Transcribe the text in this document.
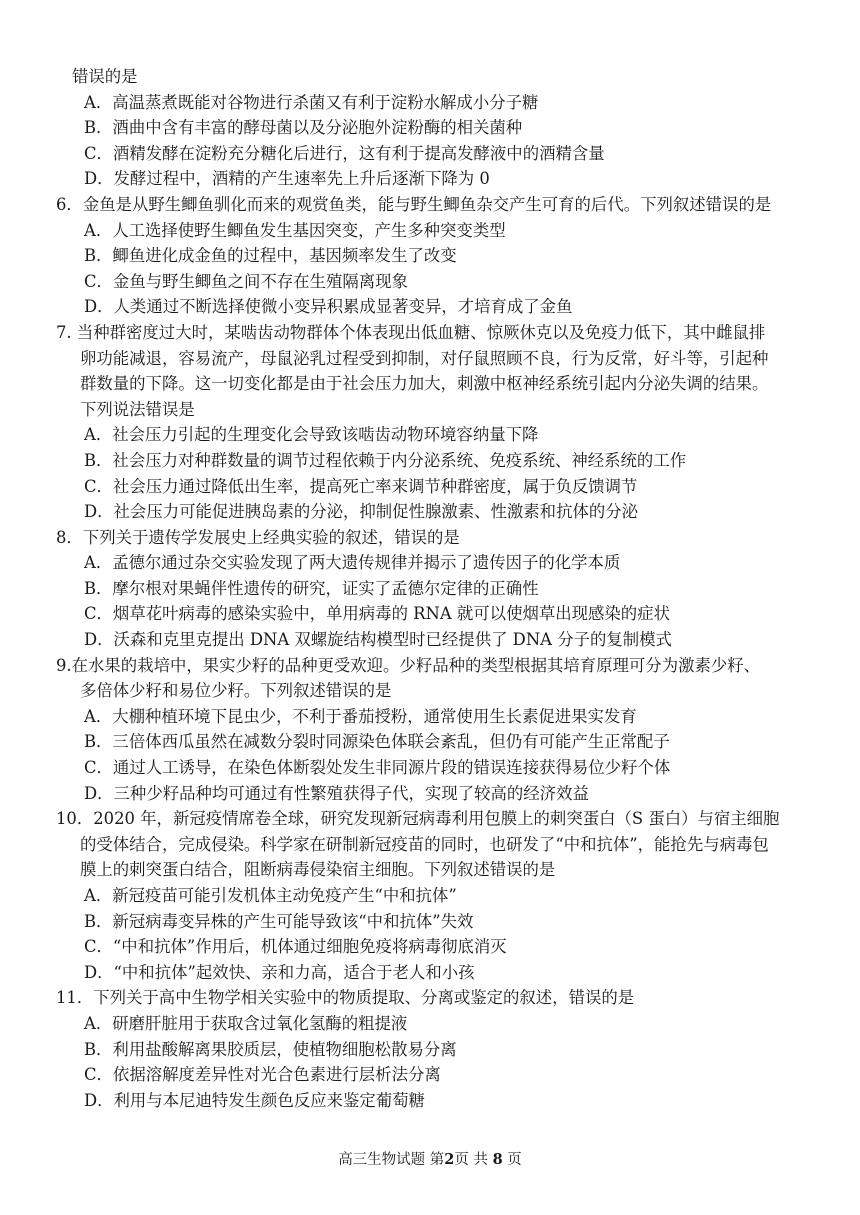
错误的是
A．高温蒸煮既能对谷物进行杀菌又有利于淀粉水解成小分子糖
B．酒曲中含有丰富的酵母菌以及分泌胞外淀粉酶的相关菌种
C．酒精发酵在淀粉充分糖化后进行，这有利于提高发酵液中的酒精含量
D．发酵过程中，酒精的产生速率先上升后逐渐下降为 0
6．金鱼是从野生鲫鱼驯化而来的观赏鱼类，能与野生鲫鱼杂交产生可育的后代。下列叙述错误的是
A．人工选择使野生鲫鱼发生基因突变，产生多种突变类型
B．鲫鱼进化成金鱼的过程中，基因频率发生了改变
C．金鱼与野生鲫鱼之间不存在生殖隔离现象
D．人类通过不断选择使微小变异积累成显著变异，才培育成了金鱼
7. 当种群密度过大时，某啮齿动物群体个体表现出低血糖、惊厥休克以及免疫力低下，其中雌鼠排
卵功能减退，容易流产，母鼠泌乳过程受到抑制，对仔鼠照顾不良，行为反常，好斗等，引起种
群数量的下降。这一切变化都是由于社会压力加大，刺激中枢神经系统引起内分泌失调的结果。
下列说法错误是
A．社会压力引起的生理变化会导致该啮齿动物环境容纳量下降
B．社会压力对种群数量的调节过程依赖于内分泌系统、免疫系统、神经系统的工作
C．社会压力通过降低出生率，提高死亡率来调节种群密度，属于负反馈调节
D．社会压力可能促进胰岛素的分泌，抑制促性腺激素、性激素和抗体的分泌
8．下列关于遗传学发展史上经典实验的叙述，错误的是
A．孟德尔通过杂交实验发现了两大遗传规律并揭示了遗传因子的化学本质
B．摩尔根对果蝇伴性遗传的研究，证实了孟德尔定律的正确性
C．烟草花叶病毒的感染实验中，单用病毒的 RNA 就可以使烟草出现感染的症状
D．沃森和克里克提出 DNA 双螺旋结构模型时已经提供了 DNA 分子的复制模式
9.在水果的栽培中，果实少籽的品种更受欢迎。少籽品种的类型根据其培育原理可分为激素少籽、
多倍体少籽和易位少籽。下列叙述错误的是
A．大棚种植环境下昆虫少，不利于番茄授粉，通常使用生长素促进果实发育
B．三倍体西瓜虽然在减数分裂时同源染色体联会紊乱，但仍有可能产生正常配子
C．通过人工诱导，在染色体断裂处发生非同源片段的错误连接获得易位少籽个体
D．三种少籽品种均可通过有性繁殖获得子代，实现了较高的经济效益
10．2020 年，新冠疫情席卷全球，研究发现新冠病毒利用包膜上的刺突蛋白（S 蛋白）与宿主细胞
的受体结合，完成侵染。科学家在研制新冠疫苗的同时，也研发了“中和抗体”，能抢先与病毒包
膜上的刺突蛋白结合，阻断病毒侵染宿主细胞。下列叙述错误的是
A．新冠疫苗可能引发机体主动免疫产生“中和抗体”
B．新冠病毒变异株的产生可能导致该“中和抗体”失效
C．“中和抗体”作用后，机体通过细胞免疫将病毒彻底消灭
D．“中和抗体”起效快、亲和力高，适合于老人和小孩
11．下列关于高中生物学相关实验中的物质提取、分离或鉴定的叙述，错误的是
A．研磨肝脏用于获取含过氧化氢酶的粗提液
B．利用盐酸解离果胶质层，使植物细胞松散易分离
C．依据溶解度差异性对光合色素进行层析法分离
D．利用与本尼迪特发生颜色反应来鉴定葡萄糖
高三生物试题 第2页 共 8 页
